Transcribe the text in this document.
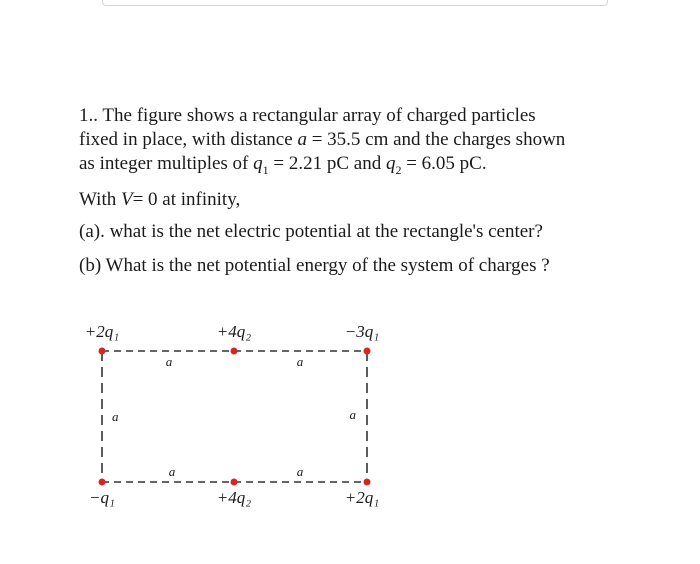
1.. The figure shows a rectangular array of charged particles
fixed in place, with distance a = 35.5 cm and the charges shown
as integer multiples of $q_1 = 2.21$ pC and $q_2 = 6.05$ pC.
With V= 0 at infinity,
(a). what is the net electric potential at the rectangle's center?
(b) What is the net potential energy of the system of charges ?
+2q₁	+4q₂	−3q₁
−q₁	+4q₂	+2q₁
a	a
a	a
a	a
